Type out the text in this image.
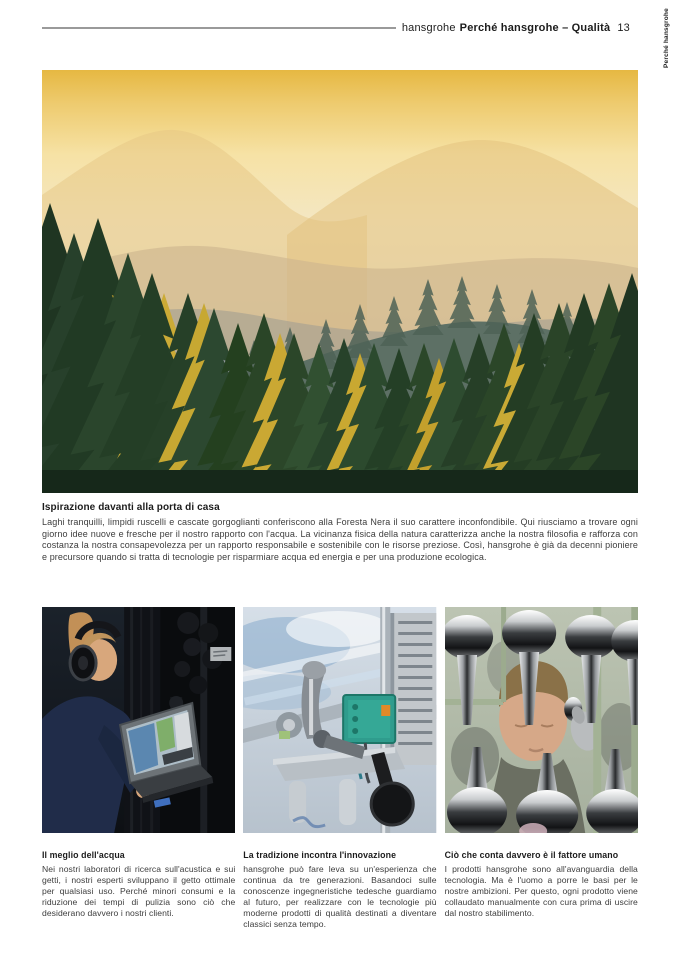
hansgrohe Perché hansgrohe – Qualità 13	Perché hansgrohe
Ispirazione davanti alla porta di casa
Laghi tranquilli, limpidi ruscelli e cascate gorgoglianti conferiscono alla Foresta Nera il suo carattere inconfondibile. Qui riusciamo a trovare ogni giorno idee nuove e fresche per il nostro rapporto con l'acqua. La vicinanza fisica della natura caratterizza anche la nostra filosofia e rafforza con costanza la nostra consapevolezza per un rapporto responsabile e sostenibile con le risorse preziose. Così, hansgrohe è già da decenni pioniere e precursore quando si tratta di tecnologie per risparmiare acqua ed energia e per una produzione ecologica.
Il meglio dell'acqua
Nei nostri laboratori di ricerca sull'acustica e sui getti, i nostri esperti sviluppano il getto ottimale per qualsiasi uso. Perché minori consumi e la riduzione dei tempi di pulizia sono ciò che desiderano davvero i nostri clienti.
La tradizione incontra l'innovazione
hansgrohe può fare leva su un'esperienza che continua da tre generazioni. Basandoci sulle conoscenze ingegneristiche tedesche guardiamo al futuro, per realizzare con le tecnologie più moderne prodotti di qualità destinati a diventare classici senza tempo.
Ciò che conta davvero è il fattore umano
I prodotti hansgrohe sono all'avanguardia della tecnologia. Ma è l'uomo a porre le basi per le nostre ambizioni. Per questo, ogni prodotto viene collaudato manualmente con cura prima di uscire dal nostro stabilimento.
